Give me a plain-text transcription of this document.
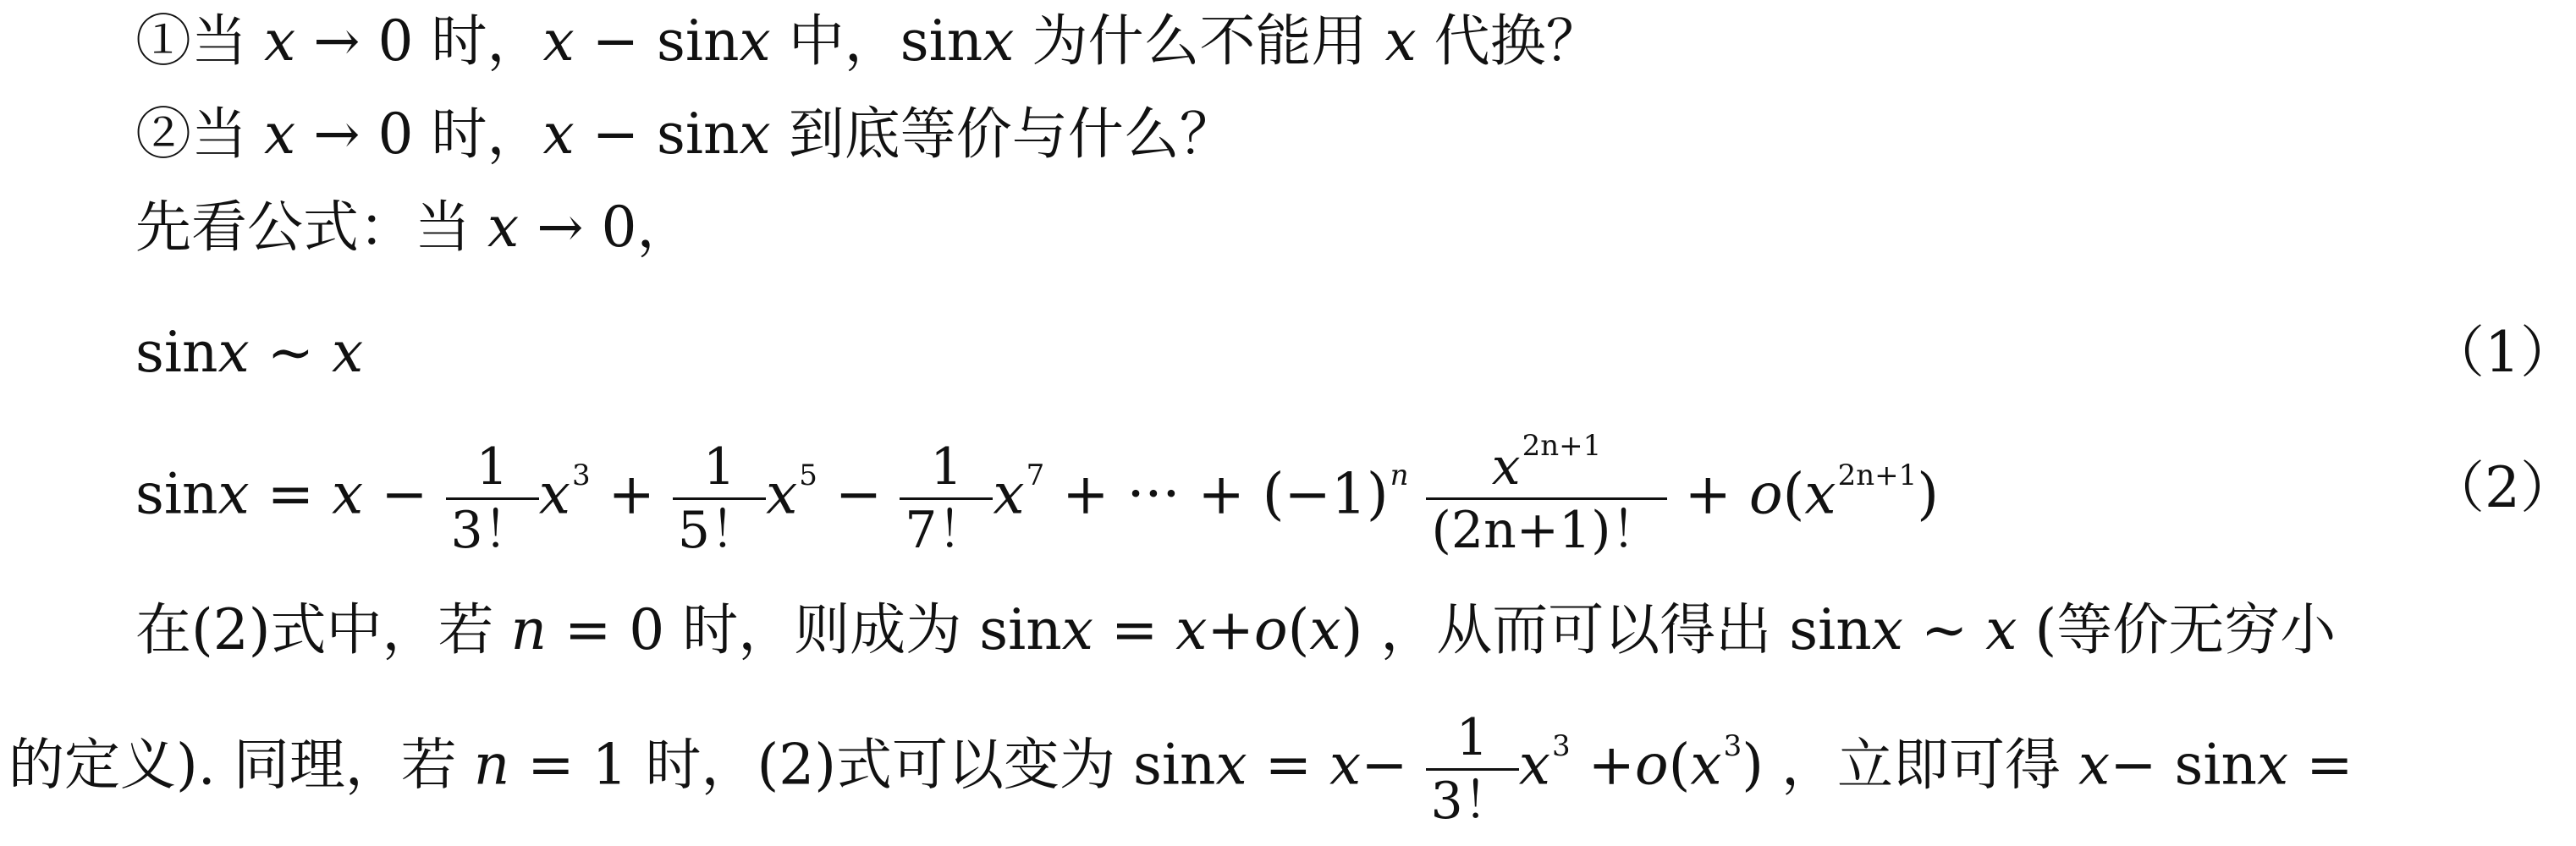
①当 x → 0 时，x − sinx 中，sinx 为什么不能用 x 代换？
②当 x → 0 时，x − sinx 到底等价与什么？
先看公式：当 x → 0，
sinx ∼ x	（1）
$\sin x = x - \frac{1}{3!} x^3 + \frac{1}{5!} x^5 - \frac{1}{7!} x^7$ + ··· + $(-1)^n \frac{x^{2n+1}}{(2n+1)!} + o(x^{2n+1})$	（2）
在(2)式中，若 n = 0 时，则成为 sinx = x+o(x) ，从而可以得出 sinx ∼ x (等价无穷小
的定义). 同理，若 n = 1 时，(2)式可以变为 $\sin x = x- \frac{1}{3!} x^3 +o(x^3)$ ，立即可得 x− sinx =
